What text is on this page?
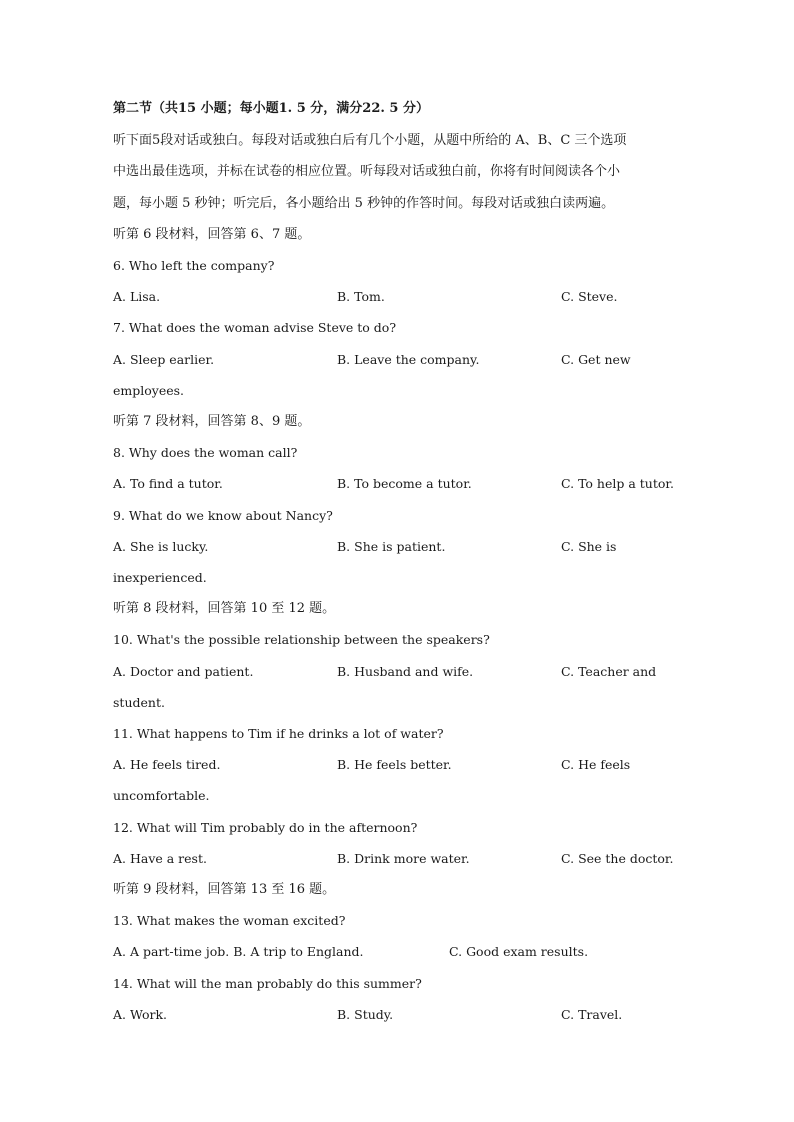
第二节（共15 小题；每小题1. 5 分，满分22. 5 分）
听下面5段对话或独白。每段对话或独白后有几个小题，从题中所给的 A、B、C 三个选项
中选出最佳选项，并标在试卷的相应位置。听每段对话或独白前，你将有时间阅读各个小
题，每小题 5 秒钟；听完后，各小题给出 5 秒钟的作答时间。每段对话或独白读两遍。
听第 6 段材料，回答第 6、7 题。
6. Who left the company?
A. Lisa.	B. Tom.	C. Steve.
7. What does the woman advise Steve to do?
A. Sleep earlier.	B. Leave the company.	C. Get new
employees.
听第 7 段材料，回答第 8、9 题。
8. Why does the woman call?
A. To find a tutor.	B. To become a tutor.	C. To help a tutor.
9. What do we know about Nancy?
A. She is lucky.	B. She is patient.	C. She is
inexperienced.
听第 8 段材料，回答第 10 至 12 题。
10. What's the possible relationship between the speakers?
A. Doctor and patient.	B. Husband and wife.	C. Teacher and
student.
11. What happens to Tim if he drinks a lot of water?
A. He feels tired.	B. He feels better.	C. He feels
uncomfortable.
12. What will Tim probably do in the afternoon?
A. Have a rest.	B. Drink more water.	C. See the doctor.
听第 9 段材料，回答第 13 至 16 题。
13. What makes the woman excited?
A. A part-time job. B. A trip to England.	C. Good exam results.
14. What will the man probably do this summer?
A. Work.	B. Study.	C. Travel.
